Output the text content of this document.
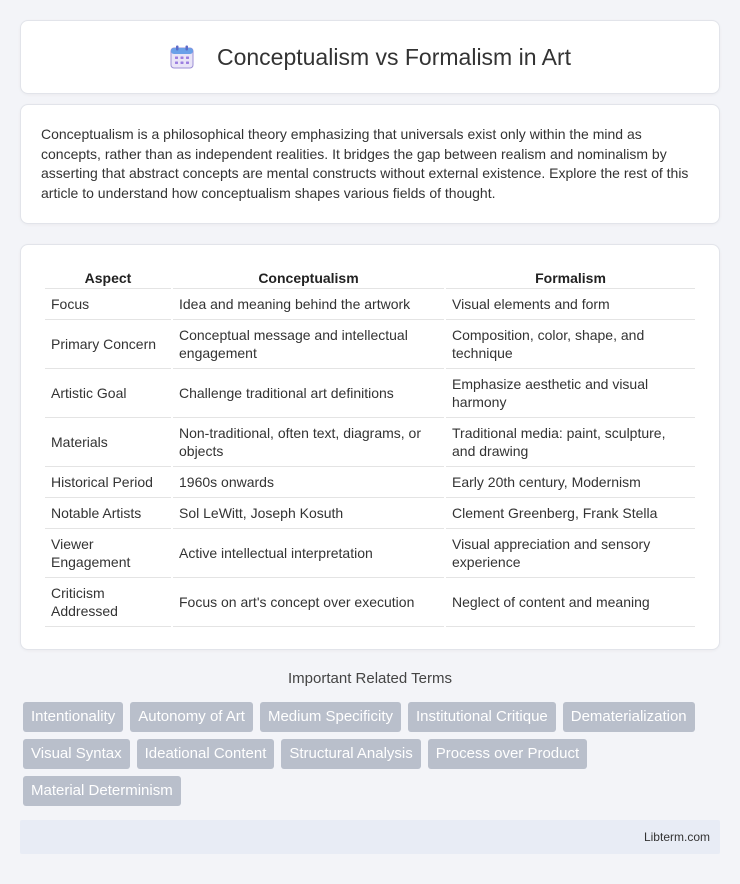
Conceptualism vs Formalism in Art

Conceptualism is a philosophical theory emphasizing that universals exist only within the mind as concepts, rather than as independent realities. It bridges the gap between realism and nominalism by asserting that abstract concepts are mental constructs without external existence. Explore the rest of this article to understand how conceptualism shapes various fields of thought.

Aspect	Conceptualism	Formalism
Focus	Idea and meaning behind the artwork	Visual elements and form
Primary Concern	Conceptual message and intellectual engagement	Composition, color, shape, and technique
Artistic Goal	Challenge traditional art definitions	Emphasize aesthetic and visual harmony
Materials	Non-traditional, often text, diagrams, or objects	Traditional media: paint, sculpture, and drawing
Historical Period	1960s onwards	Early 20th century, Modernism
Notable Artists	Sol LeWitt, Joseph Kosuth	Clement Greenberg, Frank Stella
Viewer Engagement	Active intellectual interpretation	Visual appreciation and sensory experience
Criticism Addressed	Focus on art's concept over execution	Neglect of content and meaning
Important Related Terms
Intentionality	Autonomy of Art	Medium Specificity	Institutional Critique	Dematerialization
Visual Syntax	Ideational Content	Structural Analysis	Process over Product
Material Determinism
Libterm.com
